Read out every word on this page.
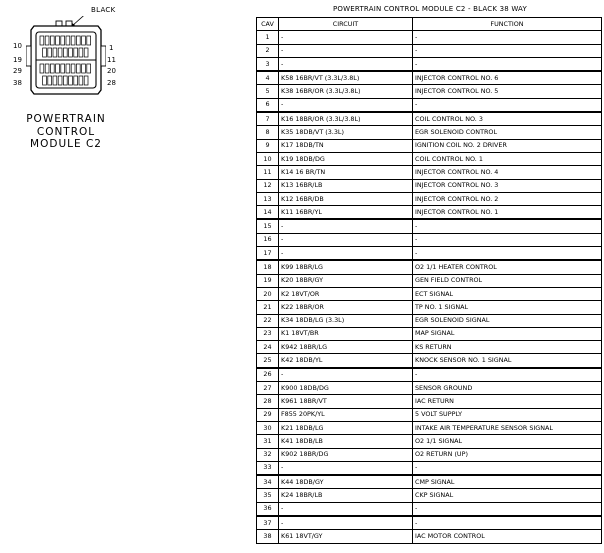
BLACK
10
19
29
38
1
11
20
28
POWERTRAIN
CONTROL
MODULE C2
POWERTRAIN CONTROL MODULE C2 - BLACK 38 WAY
CAV	CIRCUIT	FUNCTION
1	-	-
2	-	-
3	-	-
4	K58 16BR/VT (3.3L/3.8L)	INJECTOR CONTROL NO. 6
5	K38 16BR/OR (3.3L/3.8L)	INJECTOR CONTROL NO. 5
6	-	-
7	K16 18BR/OR (3.3L/3.8L)	COIL CONTROL NO. 3
8	K35 18DB/VT (3.3L)	EGR SOLENOID CONTROL
9	K17 18DB/TN	IGNITION COIL NO. 2 DRIVER
10	K19 18DB/DG	COIL CONTROL NO. 1
11	K14 16 BR/TN	INJECTOR CONTROL NO. 4
12	K13 16BR/LB	INJECTOR CONTROL NO. 3
13	K12 16BR/DB	INJECTOR CONTROL NO. 2
14	K11 16BR/YL	INJECTOR CONTROL NO. 1
15	-	-
16	-	-
17	-	-
18	K99 18BR/LG	O2 1/1 HEATER CONTROL
19	K20 18BR/GY	GEN FIELD CONTROL
20	K2 18VT/OR	ECT SIGNAL
21	K22 18BR/OR	TP NO. 1 SIGNAL
22	K34 18DB/LG (3.3L)	EGR SOLENOID SIGNAL
23	K1 18VT/BR	MAP SIGNAL
24	K942 18BR/LG	KS RETURN
25	K42 18DB/YL	KNOCK SENSOR NO. 1 SIGNAL
26	-	-
27	K900 18DB/DG	SENSOR GROUND
28	K961 18BR/VT	IAC RETURN
29	F855 20PK/YL	5 VOLT SUPPLY
30	K21 18DB/LG	INTAKE AIR TEMPERATURE SENSOR SIGNAL
31	K41 18DB/LB	O2 1/1 SIGNAL
32	K902 18BR/DG	O2 RETURN (UP)
33	-	-
34	K44 18DB/GY	CMP SIGNAL
35	K24 18BR/LB	CKP SIGNAL
36	-	-
37	-	-
38	K61 18VT/GY	IAC MOTOR CONTROL
